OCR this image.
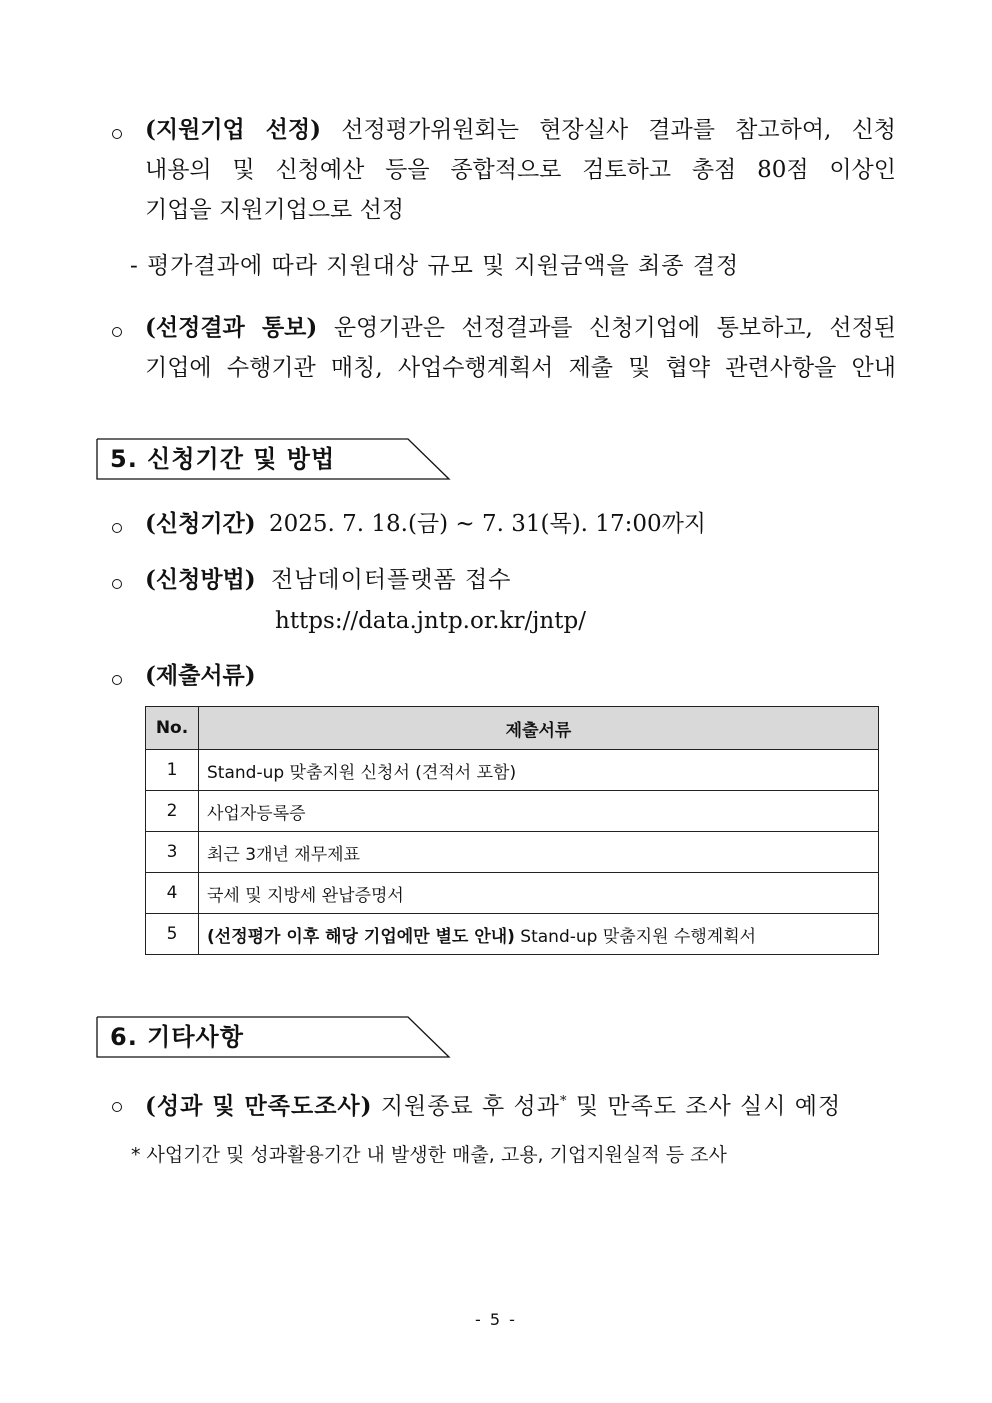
(지원기업 선정) 선정평가위원회는 현장실사 결과를 참고하여, 신청
내용의 및 신청예산 등을 종합적으로 검토하고 총점 80점 이상인
기업을 지원기업으로 선정
- 평가결과에 따라 지원대상 규모 및 지원금액을 최종 결정
(선정결과 통보) 운영기관은 선정결과를 신청기업에 통보하고, 선정된
기업에 수행기관 매칭, 사업수행계획서 제출 및 협약 관련사항을 안내
5. 신청기간 및 방법
(신청기간) 2025. 7. 18.(금) ~ 7. 31(목). 17:00까지
(신청방법) 전남데이터플랫폼 접수
https://data.jntp.or.kr/jntp/
(제출서류)
No.	제출서류
1	Stand-up 맞춤지원 신청서 (견적서 포함)
2	사업자등록증
3	최근 3개년 재무제표
4	국세 및 지방세 완납증명서
5	(선정평가 이후 해당 기업에만 별도 안내) Stand-up 맞춤지원 수행계획서
6. 기타사항
(성과 및 만족도조사) 지원종료 후 성과* 및 만족도 조사 실시 예정
* 사업기간 및 성과활용기간 내 발생한 매출, 고용, 기업지원실적 등 조사
- 5 -
